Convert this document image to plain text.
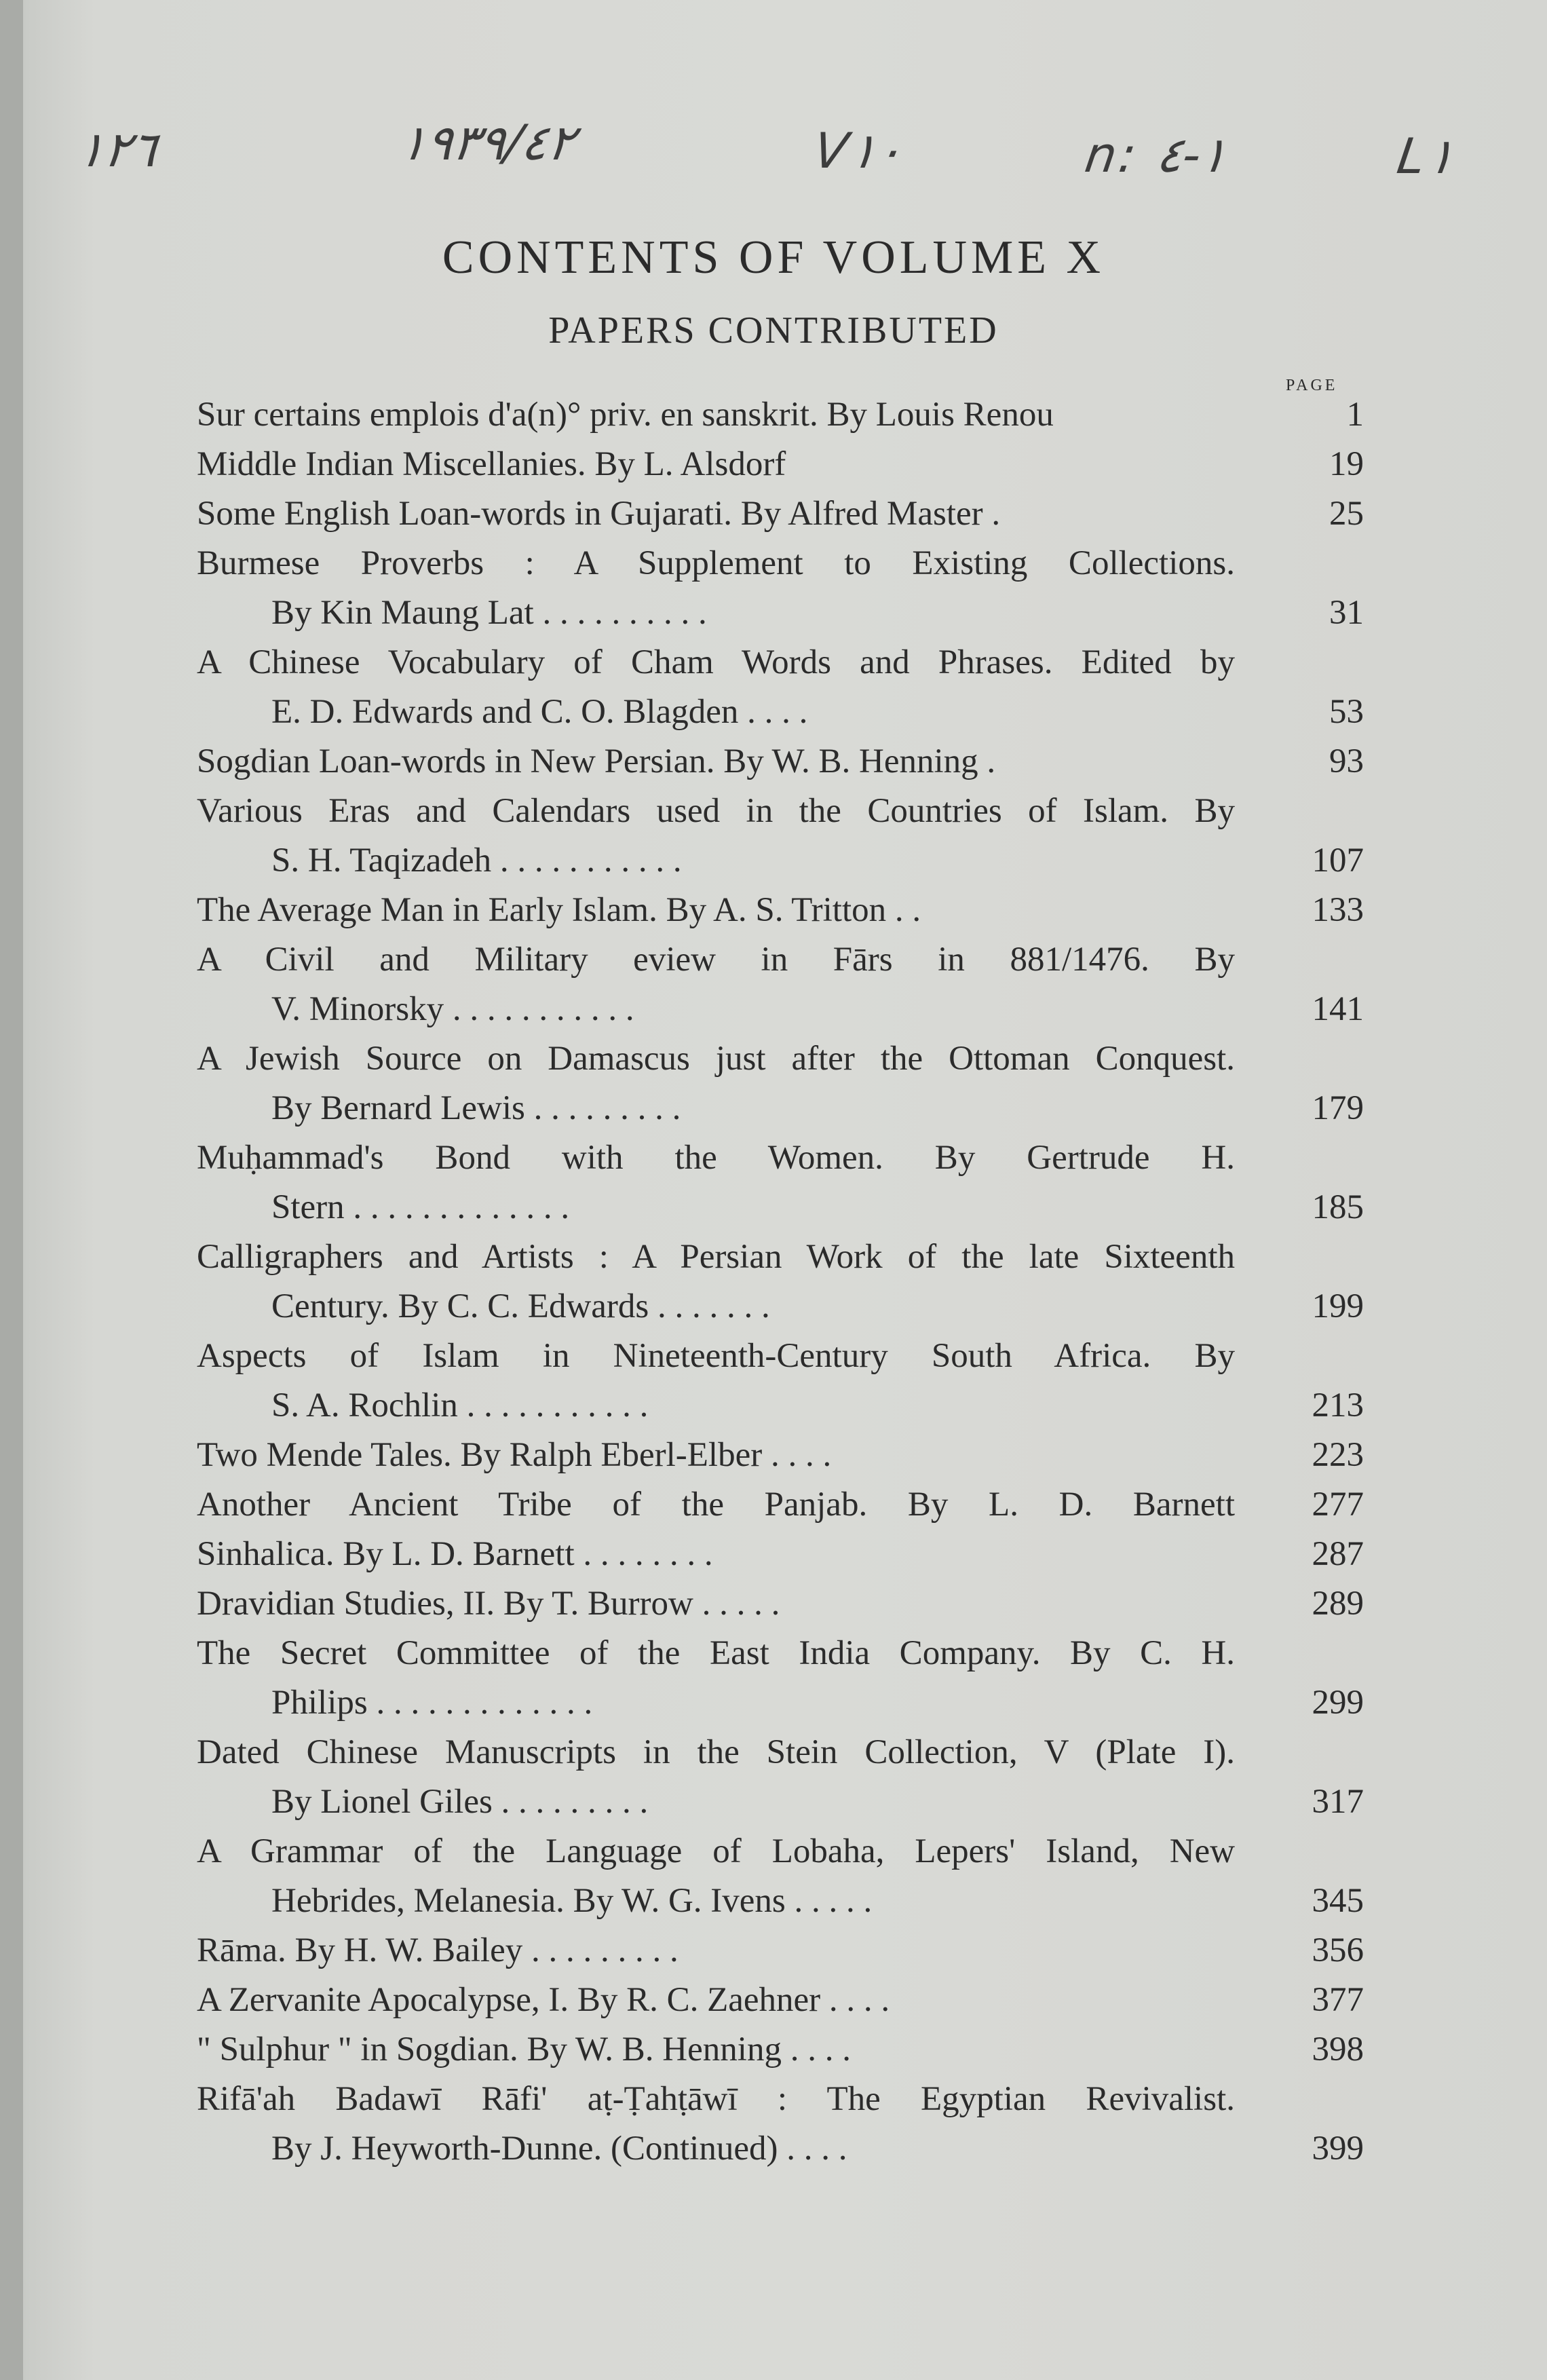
١٢٦	١٩٣٩/٤٢	V١٠	n: ١-٤	L١
CONTENTS OF VOLUME X
PAPERS CONTRIBUTED
PAGE
Sur certains emplois d'a(n)° priv. en sanskrit. By Louis Renou	1
Middle Indian Miscellanies. By L. Alsdorf	19
Some English Loan-words in Gujarati. By Alfred Master .	25
Burmese Proverbs : A Supplement to Existing Collections.
By Kin Maung Lat . . . . . . . . . .	31
A Chinese Vocabulary of Cham Words and Phrases. Edited by
E. D. Edwards and C. O. Blagden . . . .	53
Sogdian Loan-words in New Persian. By W. B. Henning .	93
Various Eras and Calendars used in the Countries of Islam. By
S. H. Taqizadeh . . . . . . . . . . .	107
The Average Man in Early Islam. By A. S. Tritton . .	133
A Civil and Military eview in Fārs in 881/1476. By
V. Minorsky . . . . . . . . . . .	141
A Jewish Source on Damascus just after the Ottoman Conquest.
By Bernard Lewis . . . . . . . . .	179
Muḥammad's Bond with the Women. By Gertrude H.
Stern . . . . . . . . . . . . .	185
Calligraphers and Artists : A Persian Work of the late Sixteenth
Century. By C. C. Edwards . . . . . . .	199
Aspects of Islam in Nineteenth-Century South Africa. By
S. A. Rochlin . . . . . . . . . . .	213
Two Mende Tales. By Ralph Eberl-Elber . . . .	223
Another Ancient Tribe of the Panjab. By L. D. Barnett	277
Sinhalica. By L. D. Barnett . . . . . . . .	287
Dravidian Studies, II. By T. Burrow . . . . .	289
The Secret Committee of the East India Company. By C. H.
Philips . . . . . . . . . . . . .	299
Dated Chinese Manuscripts in the Stein Collection, V (Plate I).
By Lionel Giles . . . . . . . . .	317
A Grammar of the Language of Lobaha, Lepers' Island, New
Hebrides, Melanesia. By W. G. Ivens . . . . .	345
Rāma. By H. W. Bailey . . . . . . . . .	356
A Zervanite Apocalypse, I. By R. C. Zaehner . . . .	377
" Sulphur " in Sogdian. By W. B. Henning . . . .	398
Rifā'ah Badawī Rāfi' aṭ-Ṭahṭāwī : The Egyptian Revivalist.
By J. Heyworth-Dunne. (Continued) . . . .	399
